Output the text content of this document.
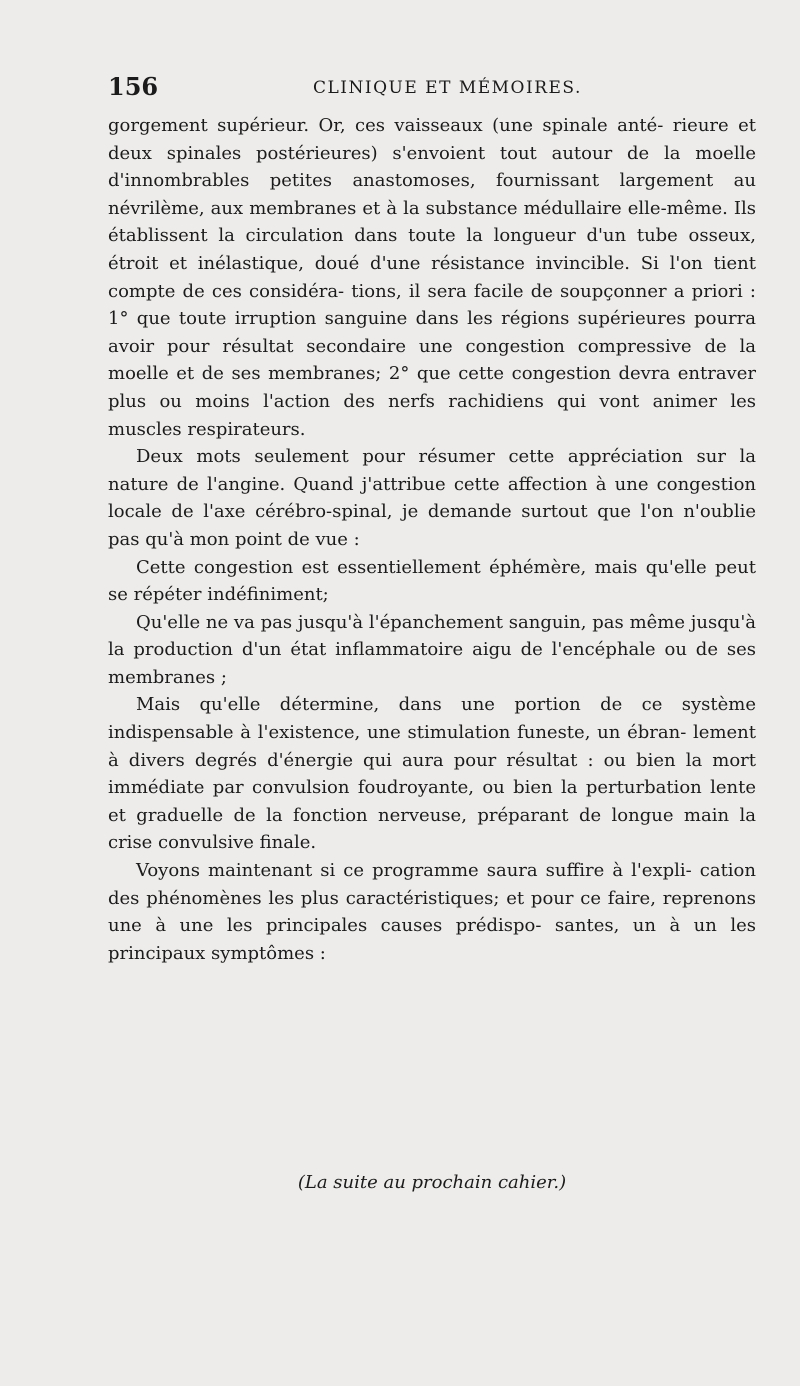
156	CLINIQUE ET MÉMOIRES.

gorgement supérieur. Or, ces vaisseaux (une spinale anté- rieure et deux spinales postérieures) s'envoient tout autour de la moelle d'innombrables petites anastomoses, fournissant largement au névrilème, aux membranes et à la substance médullaire elle-même. Ils établissent la circulation dans toute la longueur d'un tube osseux, étroit et inélastique, doué d'une résistance invincible. Si l'on tient compte de ces considéra- tions, il sera facile de soupçonner a priori : 1° que toute irruption sanguine dans les régions supérieures pourra avoir pour résultat secondaire une congestion compressive de la moelle et de ses membranes; 2° que cette congestion devra entraver plus ou moins l'action des nerfs rachidiens qui vont animer les muscles respirateurs.

Deux mots seulement pour résumer cette appréciation sur la nature de l'angine. Quand j'attribue cette affection à une congestion locale de l'axe cérébro-spinal, je demande surtout que l'on n'oublie pas qu'à mon point de vue :

Cette congestion est essentiellement éphémère, mais qu'elle peut se répéter indéfiniment;

Qu'elle ne va pas jusqu'à l'épanchement sanguin, pas même jusqu'à la production d'un état inflammatoire aigu de l'encéphale ou de ses membranes ;

Mais qu'elle détermine, dans une portion de ce système indispensable à l'existence, une stimulation funeste, un ébran- lement à divers degrés d'énergie qui aura pour résultat : ou bien la mort immédiate par convulsion foudroyante, ou bien la perturbation lente et graduelle de la fonction nerveuse, préparant de longue main la crise convulsive finale.

Voyons maintenant si ce programme saura suffire à l'expli- cation des phénomènes les plus caractéristiques; et pour ce faire, reprenons une à une les principales causes prédispo- santes, un à un les principaux symptômes :

(La suite au prochain cahier.)
